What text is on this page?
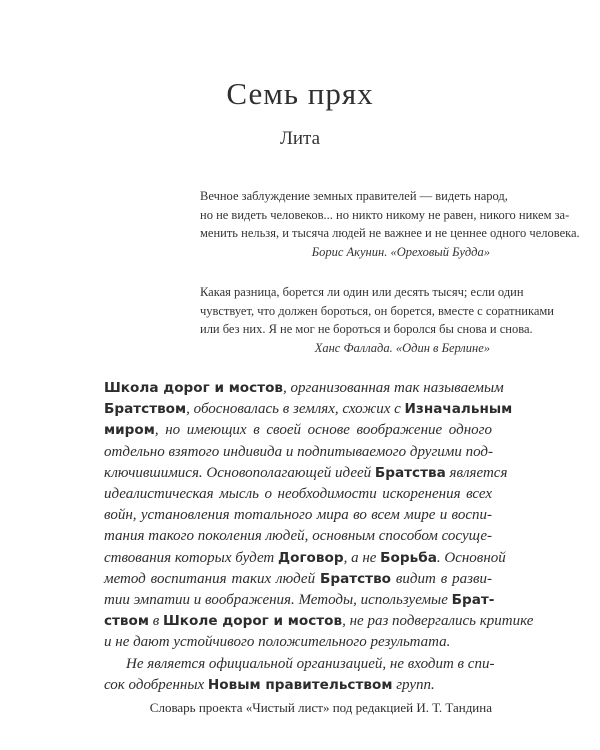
Семь прях
Лита
Вечное заблуждение земных правителей — видеть народ,
но не видеть человеков... но никто никому не равен, никого никем за-
менить нельзя, и тысяча людей не важнее и не ценнее одного человека.
Борис Акунин. «Ореховый Будда»
Какая разница, борется ли один или десять тысяч; если один
чувствует, что должен бороться, он борется, вместе с соратниками
или без них. Я не мог не бороться и боролся бы снова и снова.
Ханс Фаллада. «Один в Берлине»
Школа дорог и мостов, организованная так называемым
Братством, обосновалась в землях, схожих с Изначальным
миром, но имеющих в своей основе воображение одного
отдельно взятого индивида и подпитываемого другими под-
ключившимися. Основополагающей идеей Братства является
идеалистическая мысль о необходимости искоренения всех
войн, установления тотального мира во всем мире и воспи-
тания такого поколения людей, основным способом сосуще-
ствования которых будет Договор, а не Борьба. Основной
метод воспитания таких людей Братство видит в разви-
тии эмпатии и воображения. Методы, используемые Брат-
ством в Школе дорог и мостов, не раз подвергались критике
и не дают устойчивого положительного результата.
Не является официальной организацией, не входит в спи-
сок одобренных Новым правительством групп.
Словарь проекта «Чистый лист» под редакцией И. Т. Тандина
